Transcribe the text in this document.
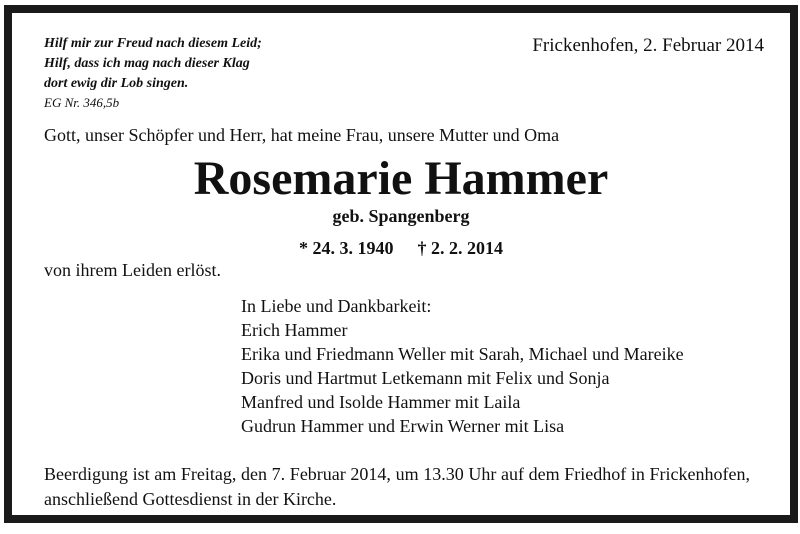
Hilf mir zur Freud nach diesem Leid;
Hilf, dass ich mag nach dieser Klag
dort ewig dir Lob singen.
EG Nr. 346,5b
Frickenhofen, 2. Februar 2014
Gott, unser Schöpfer und Herr, hat meine Frau, unsere Mutter und Oma
Rosemarie Hammer
geb. Spangenberg
* 24. 3. 1940 † 2. 2. 2014
von ihrem Leiden erlöst.
In Liebe und Dankbarkeit:
Erich Hammer
Erika und Friedmann Weller mit Sarah, Michael und Mareike
Doris und Hartmut Letkemann mit Felix und Sonja
Manfred und Isolde Hammer mit Laila
Gudrun Hammer und Erwin Werner mit Lisa
Beerdigung ist am Freitag, den 7. Februar 2014, um 13.30 Uhr auf dem Friedhof in Frickenhofen, anschließend Gottesdienst in der Kirche.
